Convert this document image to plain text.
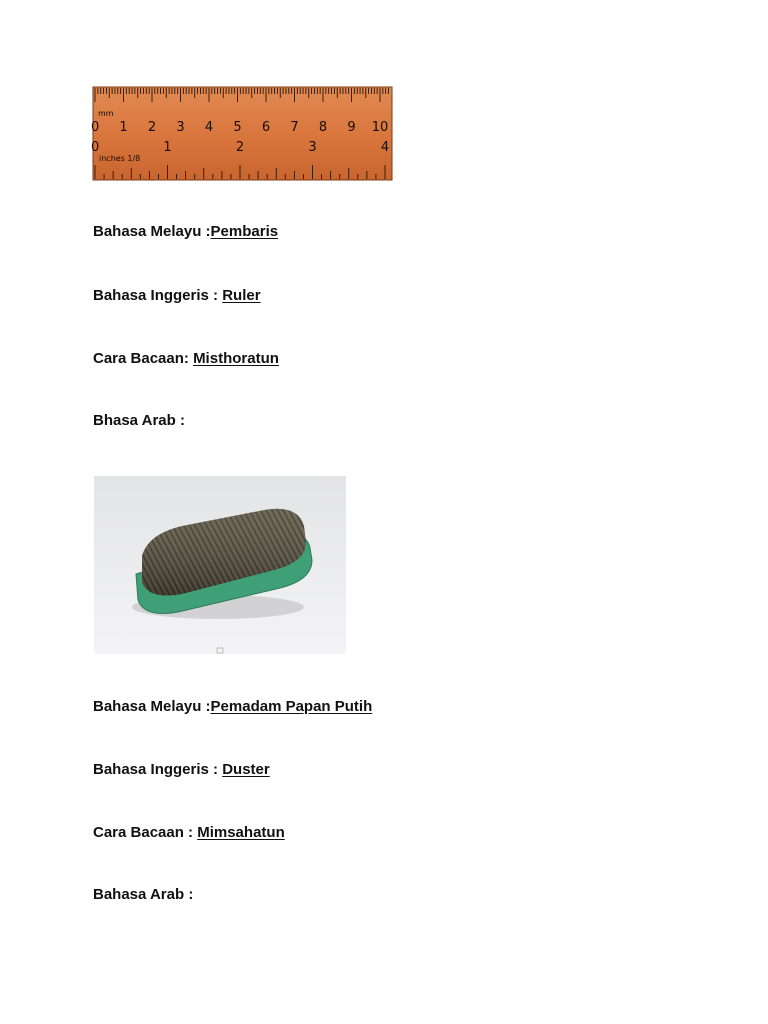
0 1 2 3 4 5 6 7 8 9 10
0	1	2	3	4
mm
inches 1/8
Bahasa Melayu :Pembaris
Bahasa Inggeris : Ruler
Cara Bacaan: Misthoratun
Bhasa Arab :
Bahasa Melayu :Pemadam Papan Putih
Bahasa Inggeris : Duster
Cara Bacaan : Mimsahatun
Bahasa Arab :
